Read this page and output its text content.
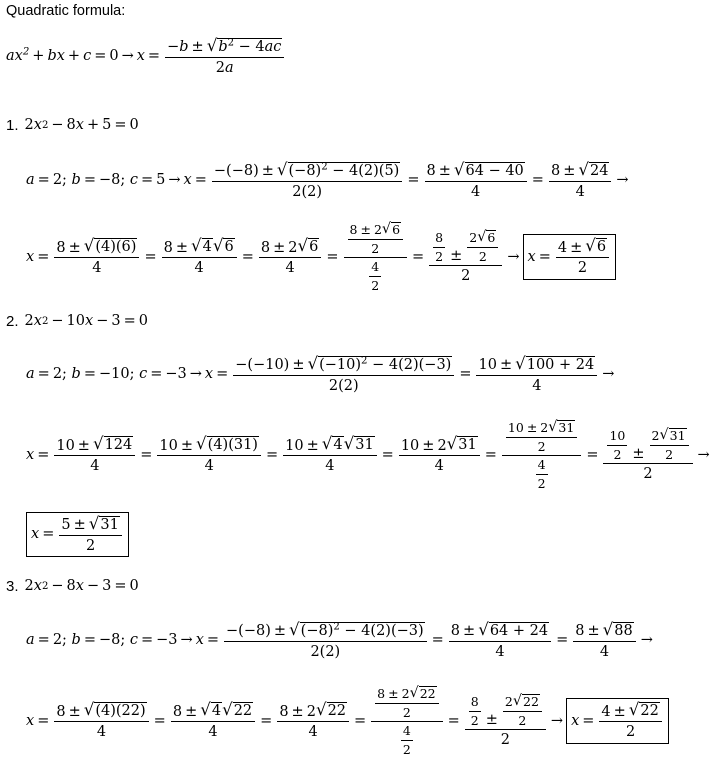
Quadratic formula:
$ax^2$ + bx + $c = 0 \to x = \frac{- b \pm √ b^2 - 4ac}{2 a}$
1. 2 x 2 − 8 x + 5 = 0
a = 2; b = −8; $c = 5 \to x = \frac{-(-8) \pm √ (-8)^2 - 4(2)(5)}{2(2)} = \frac{8 \pm √ 64 - 40}{4} = \frac{8 \pm √ 24}{4}$ →
$x = \frac{8 \pm √ (4)(6)}{4} = \frac{8 \pm √ 4 √ 6}{4} = \frac{8 \pm 2 √ 6}{4} = \frac{\frac{8 \pm 2 √ 6}{2}}{\frac{4}{2}} = \frac{\frac{8}{2} \pm \frac{2 √ 6}{2}}{2} \to x = \frac{4 \pm √ 6}{2}$
2. 2 x 2 − 10 x − 3 = 0
a = 2; b = −10; $c = -3 \to x = \frac{-(-10) \pm √ (-10)^2 - 4(2)(-3)}{2(2)} = \frac{10 \pm √ 100 + 24}{4}$ →
$x = \frac{10 \pm √ 124}{4} = \frac{10 \pm √ (4)(31)}{4} = \frac{10 \pm √ 4 √ 31}{4} = \frac{10 \pm 2 √ 31}{4} = \frac{\frac{10 \pm 2 √ 31}{2}}{\frac{4}{2}} = \frac{\frac{10}{2} \pm \frac{2 √ 31}{2}}{2}$ →
$x = \frac{5 \pm √ 31}{2}$
3. 2 x 2 − 8 x − 3 = 0
a = 2; b = −8; $c = -3 \to x = \frac{-(-8) \pm √ (-8)^2 - 4(2)(-3)}{2(2)} = \frac{8 \pm √ 64 + 24}{4} = \frac{8 \pm √ 88}{4}$ →
$x = \frac{8 \pm √ (4)(22)}{4} = \frac{8 \pm √ 4 √ 22}{4} = \frac{8 \pm 2 √ 22}{4} = \frac{\frac{8 \pm 2 √ 22}{2}}{\frac{4}{2}} = \frac{\frac{8}{2} \pm \frac{2 √ 22}{2}}{2} \to x = \frac{4 \pm √ 22}{2}$
